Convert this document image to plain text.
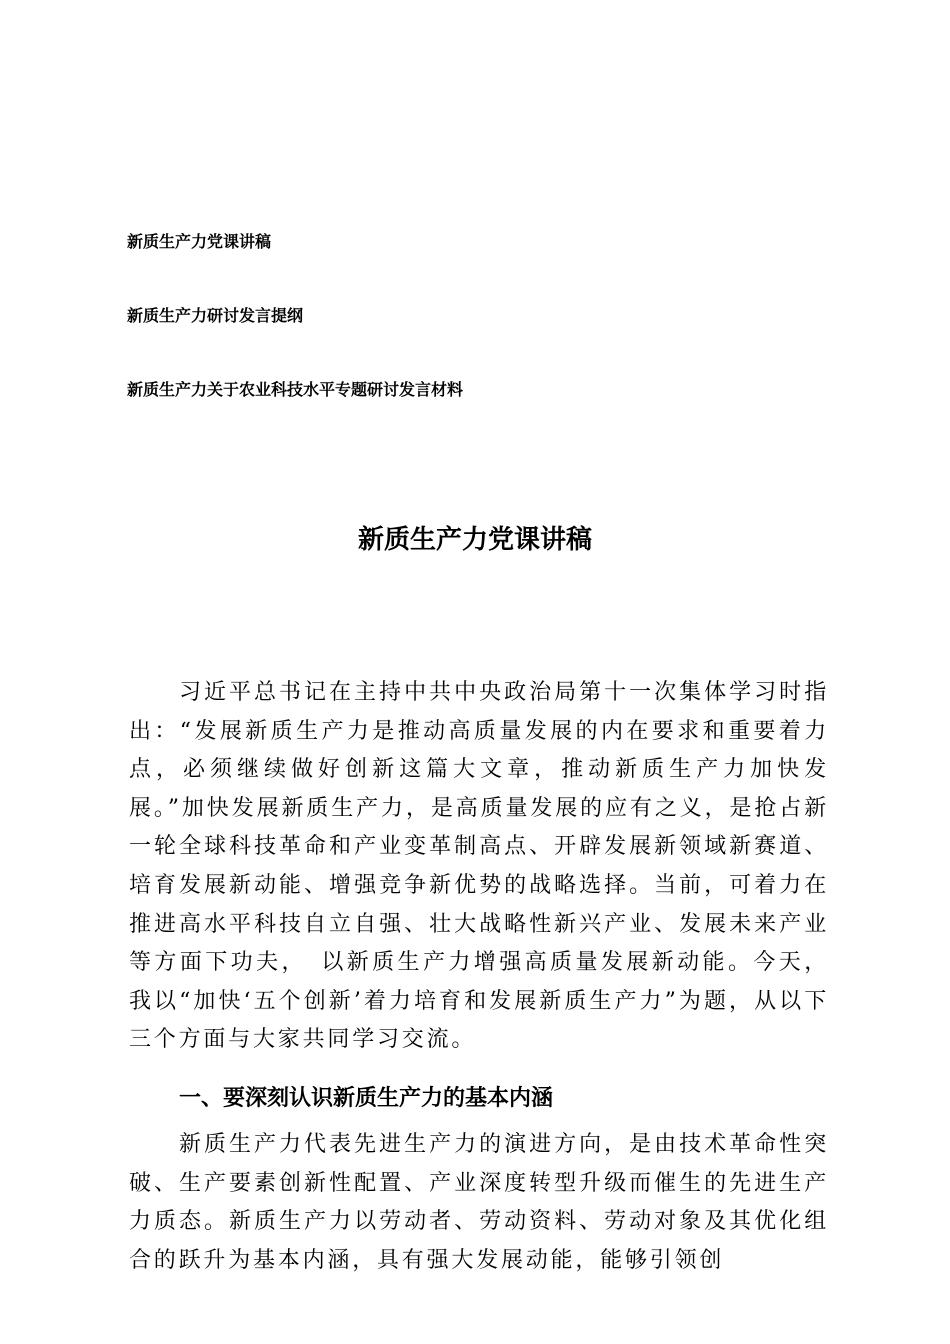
新质生产力党课讲稿
新质生产力研讨发言提纲
新质生产力关于农业科技水平专题研讨发言材料
新质生产力党课讲稿

习近平总书记在主持中共中央政治局第十一次集体学习时指出：“发展新质生产力是推动高质量发展的内在要求和重要着力点，必须继续做好创新这篇大文章，推动新质生产力加快发展。”加快发展新质生产力，是高质量发展的应有之义，是抢占新一轮全球科技革命和产业变革制高点、开辟发展新领域新赛道、培育发展新动能、增强竞争新优势的战略选择。当前，可着力在推进高水平科技自立自强、壮大战略性新兴产业、发展未来产业等方面下功夫，　以新质生产力增强高质量发展新动能。今天，我以“加快‘五个创新’着力培育和发展新质生产力”为题，从以下三个方面与大家共同学习交流。

一、要深刻认识新质生产力的基本内涵

新质生产力代表先进生产力的演进方向，是由技术革命性突破、生产要素创新性配置、产业深度转型升级而催生的先进生产力质态。新质生产力以劳动者、劳动资料、劳动对象及其优化组合的跃升为基本内涵，具有强大发展动能，能够引领创
